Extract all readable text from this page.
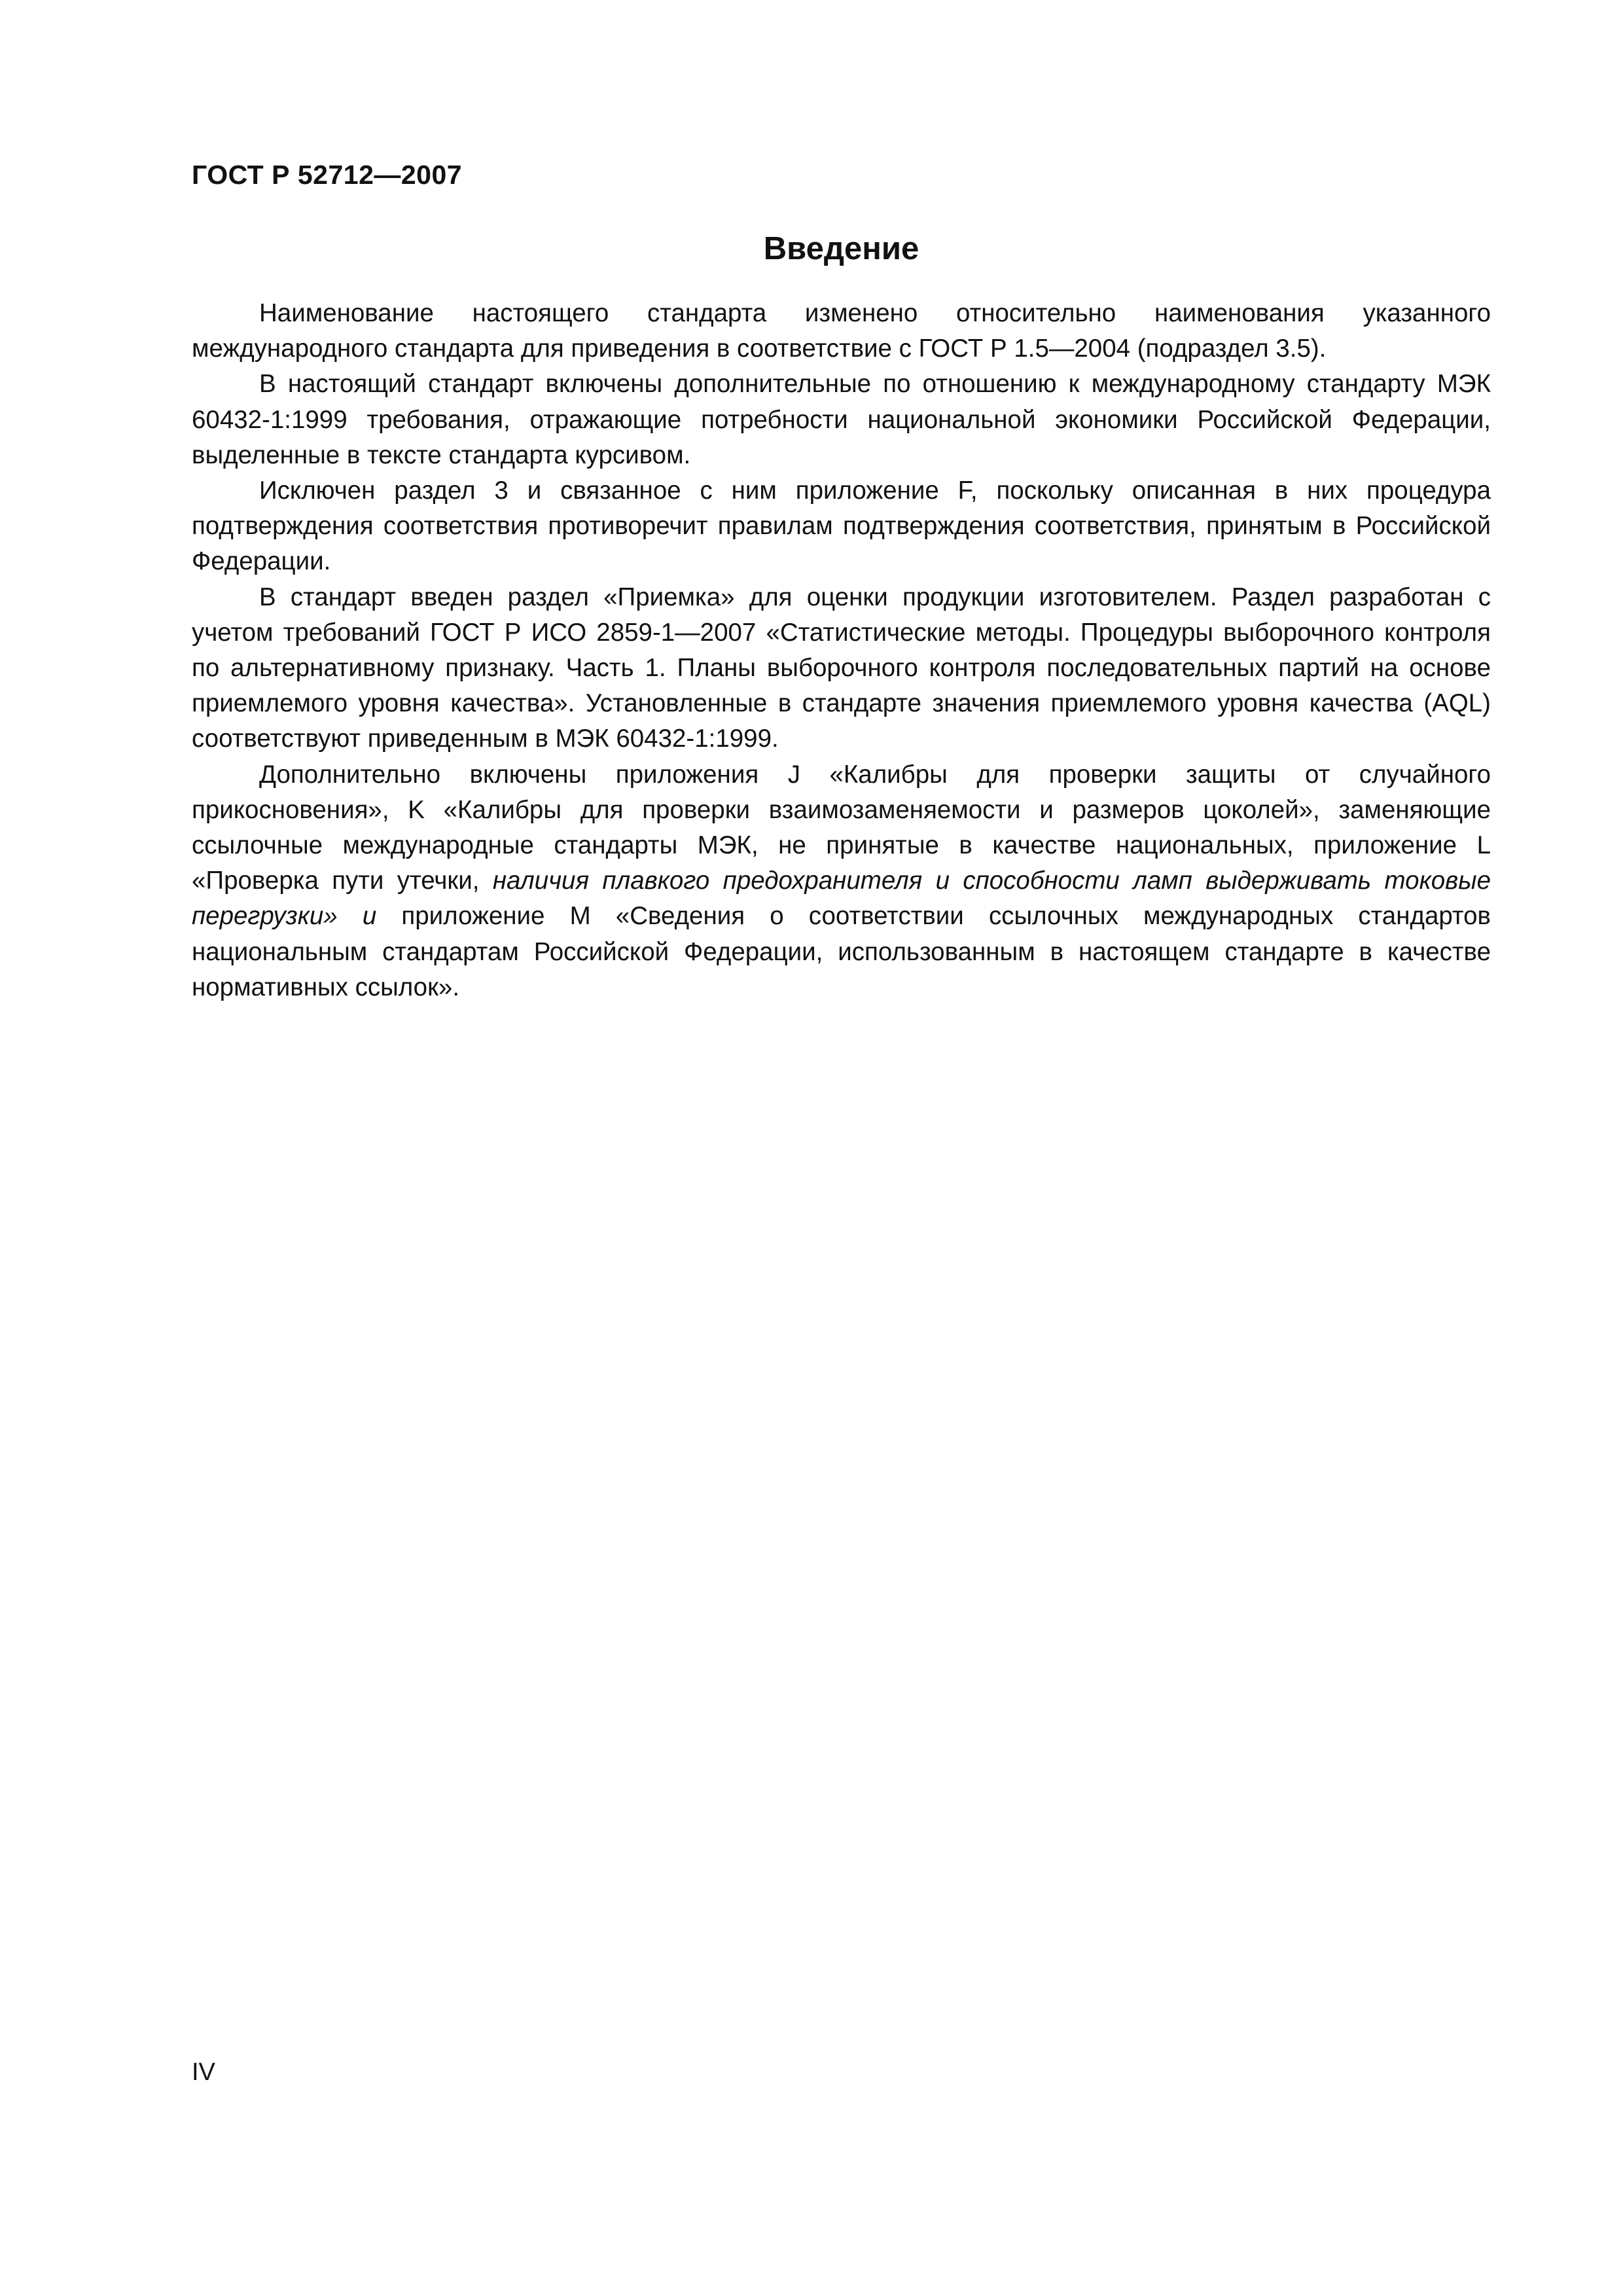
ГОСТ Р 52712—2007
Введение

Наименование настоящего стандарта изменено относительно наименования указанного международного стандарта для приведения в соответствие с ГОСТ Р 1.5—2004 (подраздел 3.5).

В настоящий стандарт включены дополнительные по отношению к международному стандарту МЭК 60432-1:1999 требования, отражающие потребности национальной экономики Российской Федерации, выделенные в тексте стандарта курсивом.

Исключен раздел 3 и связанное с ним приложение F, поскольку описанная в них процедура подтверждения соответствия противоречит правилам подтверждения соответствия, принятым в Российской Федерации.

В стандарт введен раздел «Приемка» для оценки продукции изготовителем. Раздел разработан с учетом требований ГОСТ Р ИСО 2859-1—2007 «Статистические методы. Процедуры выборочного контроля по альтернативному признаку. Часть 1. Планы выборочного контроля последовательных партий на основе приемлемого уровня качества». Установленные в стандарте значения приемлемого уровня качества (AQL) соответствуют приведенным в МЭК 60432-1:1999.

Дополнительно включены приложения J «Калибры для проверки защиты от случайного прикосновения», K «Калибры для проверки взаимозаменяемости и размеров цоколей», заменяющие ссылочные международные стандарты МЭК, не принятые в качестве национальных, приложение L «Проверка пути утечки, наличия плавкого предохранителя и способности ламп выдерживать токовые перегрузки» и приложение М «Сведения о соответствии ссылочных международных стандартов национальным стандартам Российской Федерации, использованным в настоящем стандарте в качестве нормативных ссылок».

IV
